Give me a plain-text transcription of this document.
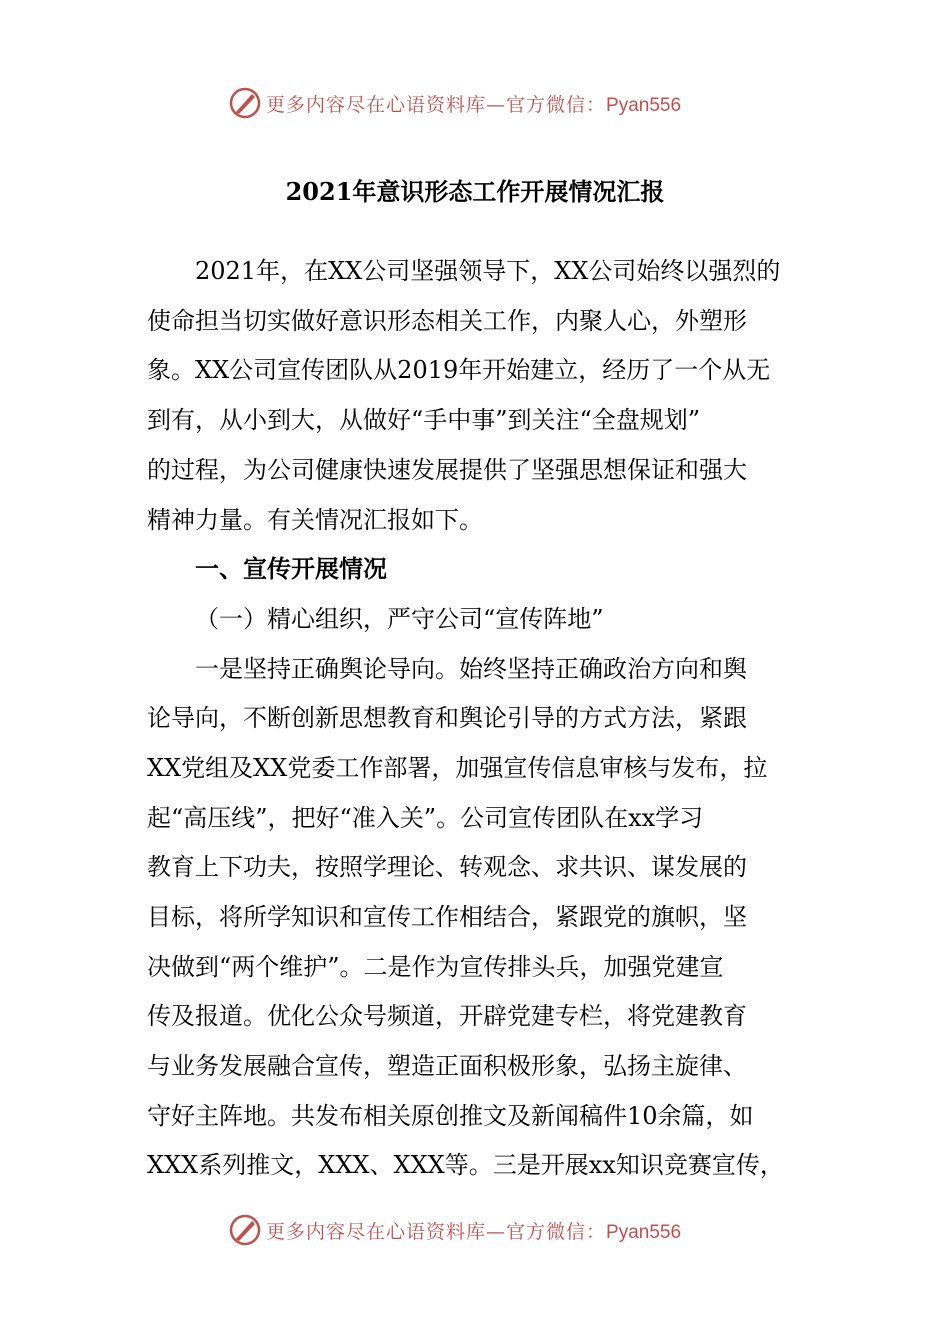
更多内容尽在心语资料库—官方微信：Pyan556
2021年意识形态工作开展情况汇报
2021年，在XX公司坚强领导下，XX公司始终以强烈的
使命担当切实做好意识形态相关工作，内聚人心，外塑形
象。XX公司宣传团队从2019年开始建立，经历了一个从无
到有，从小到大，从做好“手中事”到关注“全盘规划”
的过程，为公司健康快速发展提供了坚强思想保证和强大
精神力量。有关情况汇报如下。
一、宣传开展情况
（一）精心组织，严守公司“宣传阵地”
一是坚持正确舆论导向。始终坚持正确政治方向和舆
论导向，不断创新思想教育和舆论引导的方式方法，紧跟
XX党组及XX党委工作部署，加强宣传信息审核与发布，拉
起“高压线”，把好“准入关”。公司宣传团队在xx学习
教育上下功夫，按照学理论、转观念、求共识、谋发展的
目标，将所学知识和宣传工作相结合，紧跟党的旗帜，坚
决做到“两个维护”。二是作为宣传排头兵，加强党建宣
传及报道。优化公众号频道，开辟党建专栏，将党建教育
与业务发展融合宣传，塑造正面积极形象，弘扬主旋律、
守好主阵地。共发布相关原创推文及新闻稿件10余篇，如
XXX系列推文，XXX、XXX等。三是开展xx知识竞赛宣传，
更多内容尽在心语资料库—官方微信：Pyan556
